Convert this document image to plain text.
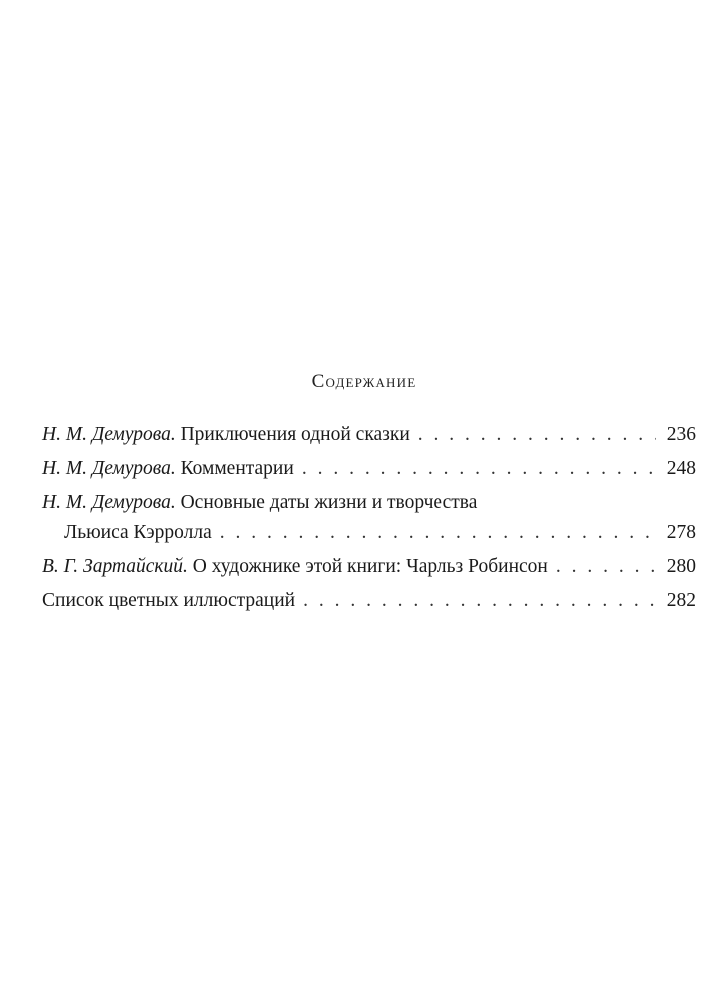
Содержание
Н. М. Демурова. Приключения одной сказки . . .	236
Н. М. Демурова. Комментарии . . .	248
Н. М. Демурова. Основные даты жизни и творчества
Льюиса Кэрролла . . .	278
В. Г. Зартайский. О художнике этой книги: Чарльз Робинсон . . .	280
Список цветных иллюстраций . . .	282
